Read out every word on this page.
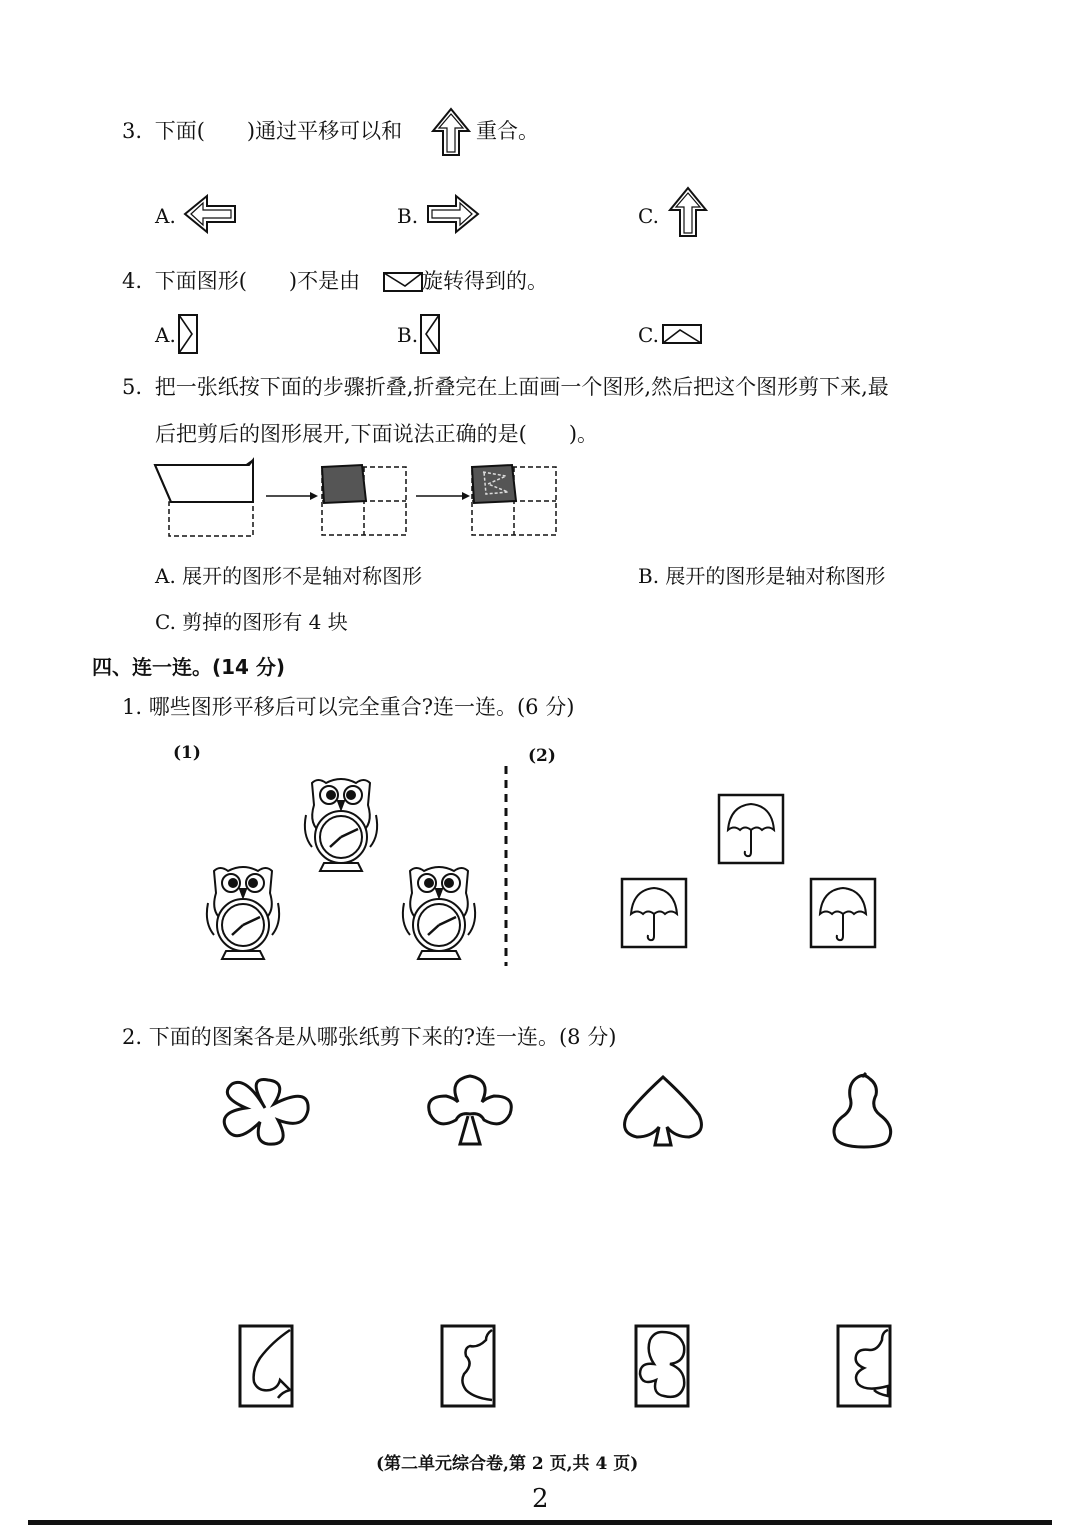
3. 下面(　　)通过平移可以和	重合。
A.	B.	C.
4. 下面图形(　　)不是由	旋转得到的。
A.	B.	C.
5. 把一张纸按下面的步骤折叠,折叠完在上面画一个图形,然后把这个图形剪下来,最
后把剪后的图形展开,下面说法正确的是(　　)。
A. 展开的图形不是轴对称图形	B. 展开的图形是轴对称图形
C. 剪掉的图形有 4 块
四、连一连。(14 分)
1. 哪些图形平移后可以完全重合?连一连。(6 分)
(1)	(2)
2. 下面的图案各是从哪张纸剪下来的?连一连。(8 分)
(第二单元综合卷,第 2 页,共 4 页)
2
